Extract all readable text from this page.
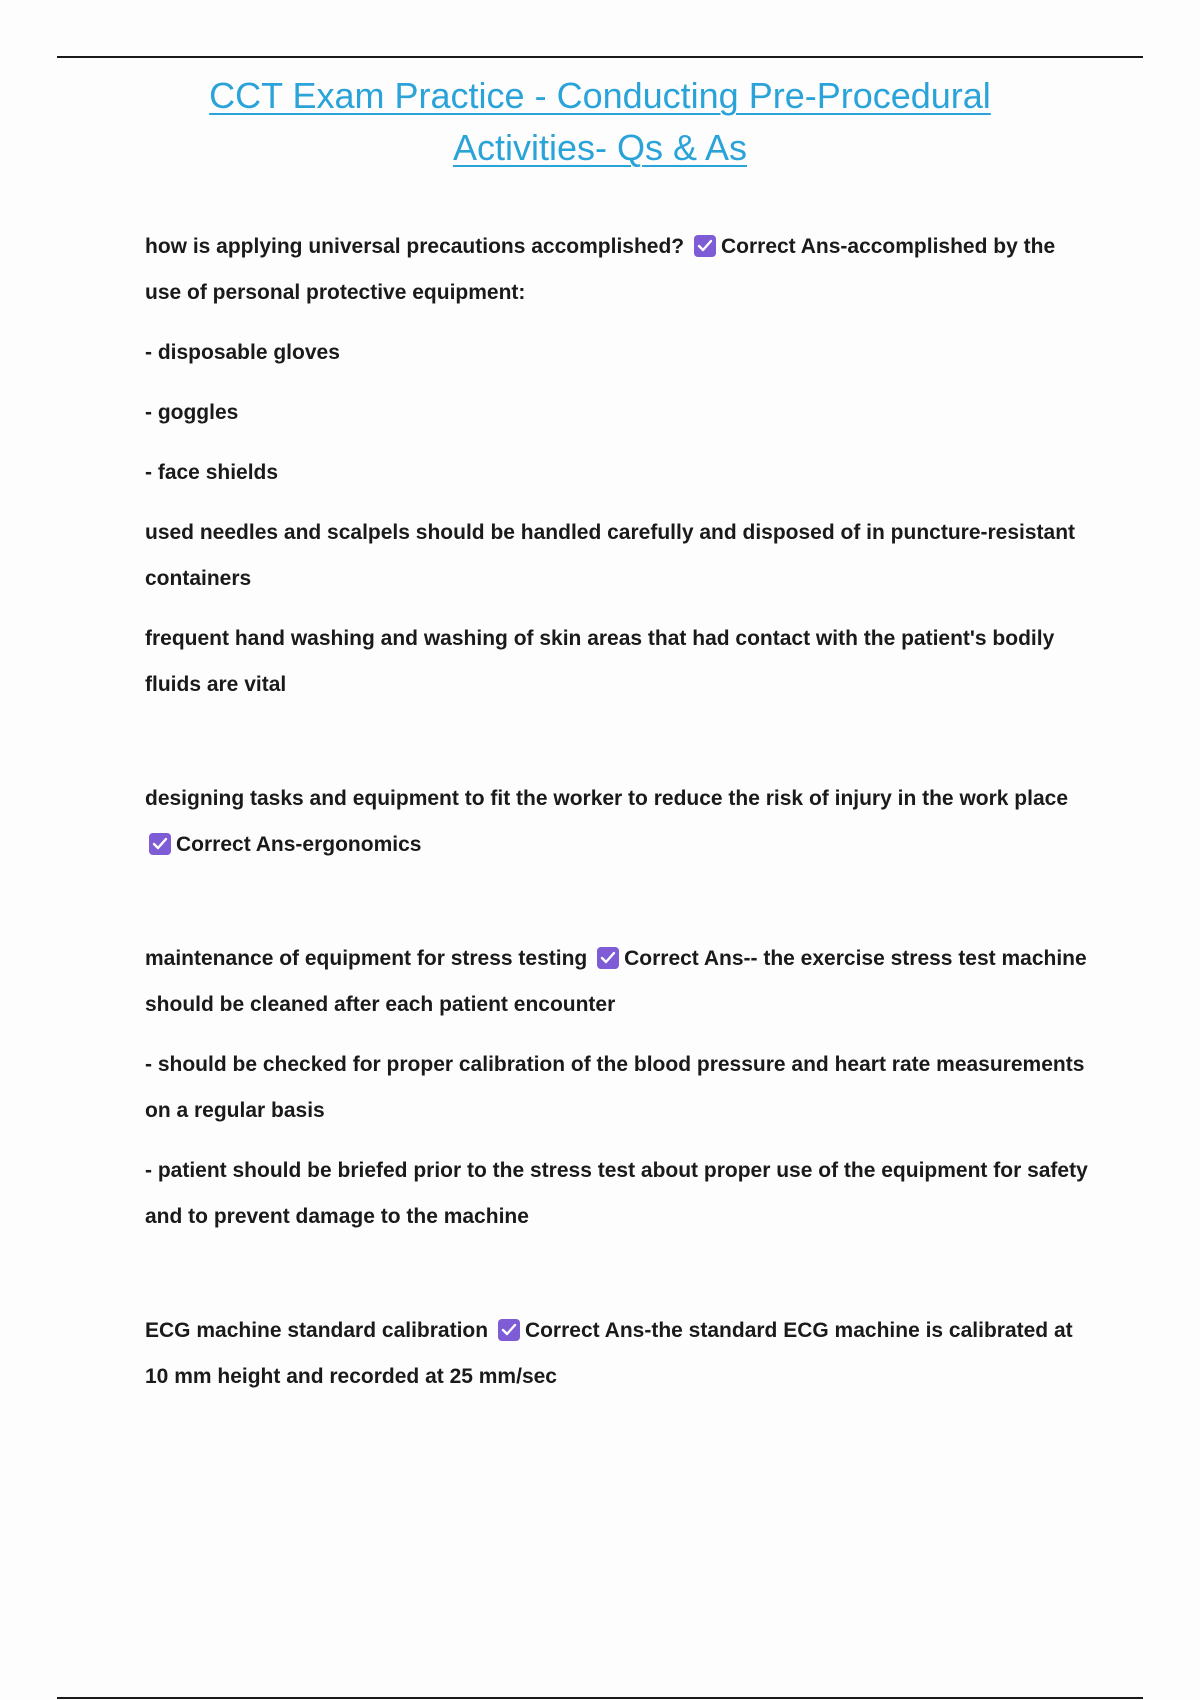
CCT Exam Practice - Conducting Pre-Procedural
Activities- Qs & As

how is applying universal precautions accomplished? Correct Ans-accomplished by the use of personal protective equipment:

- disposable gloves

- goggles

- face shields

used needles and scalpels should be handled carefully and disposed of in puncture-resistant containers

frequent hand washing and washing of skin areas that had contact with the patient's bodily fluids are vital

designing tasks and equipment to fit the worker to reduce the risk of injury in the work place
Correct Ans-ergonomics

maintenance of equipment for stress testing Correct Ans-- the exercise stress test machine should be cleaned after each patient encounter

- should be checked for proper calibration of the blood pressure and heart rate measurements on a regular basis

- patient should be briefed prior to the stress test about proper use of the equipment for safety and to prevent damage to the machine

ECG machine standard calibration Correct Ans-the standard ECG machine is calibrated at 10 mm height and recorded at 25 mm/sec
